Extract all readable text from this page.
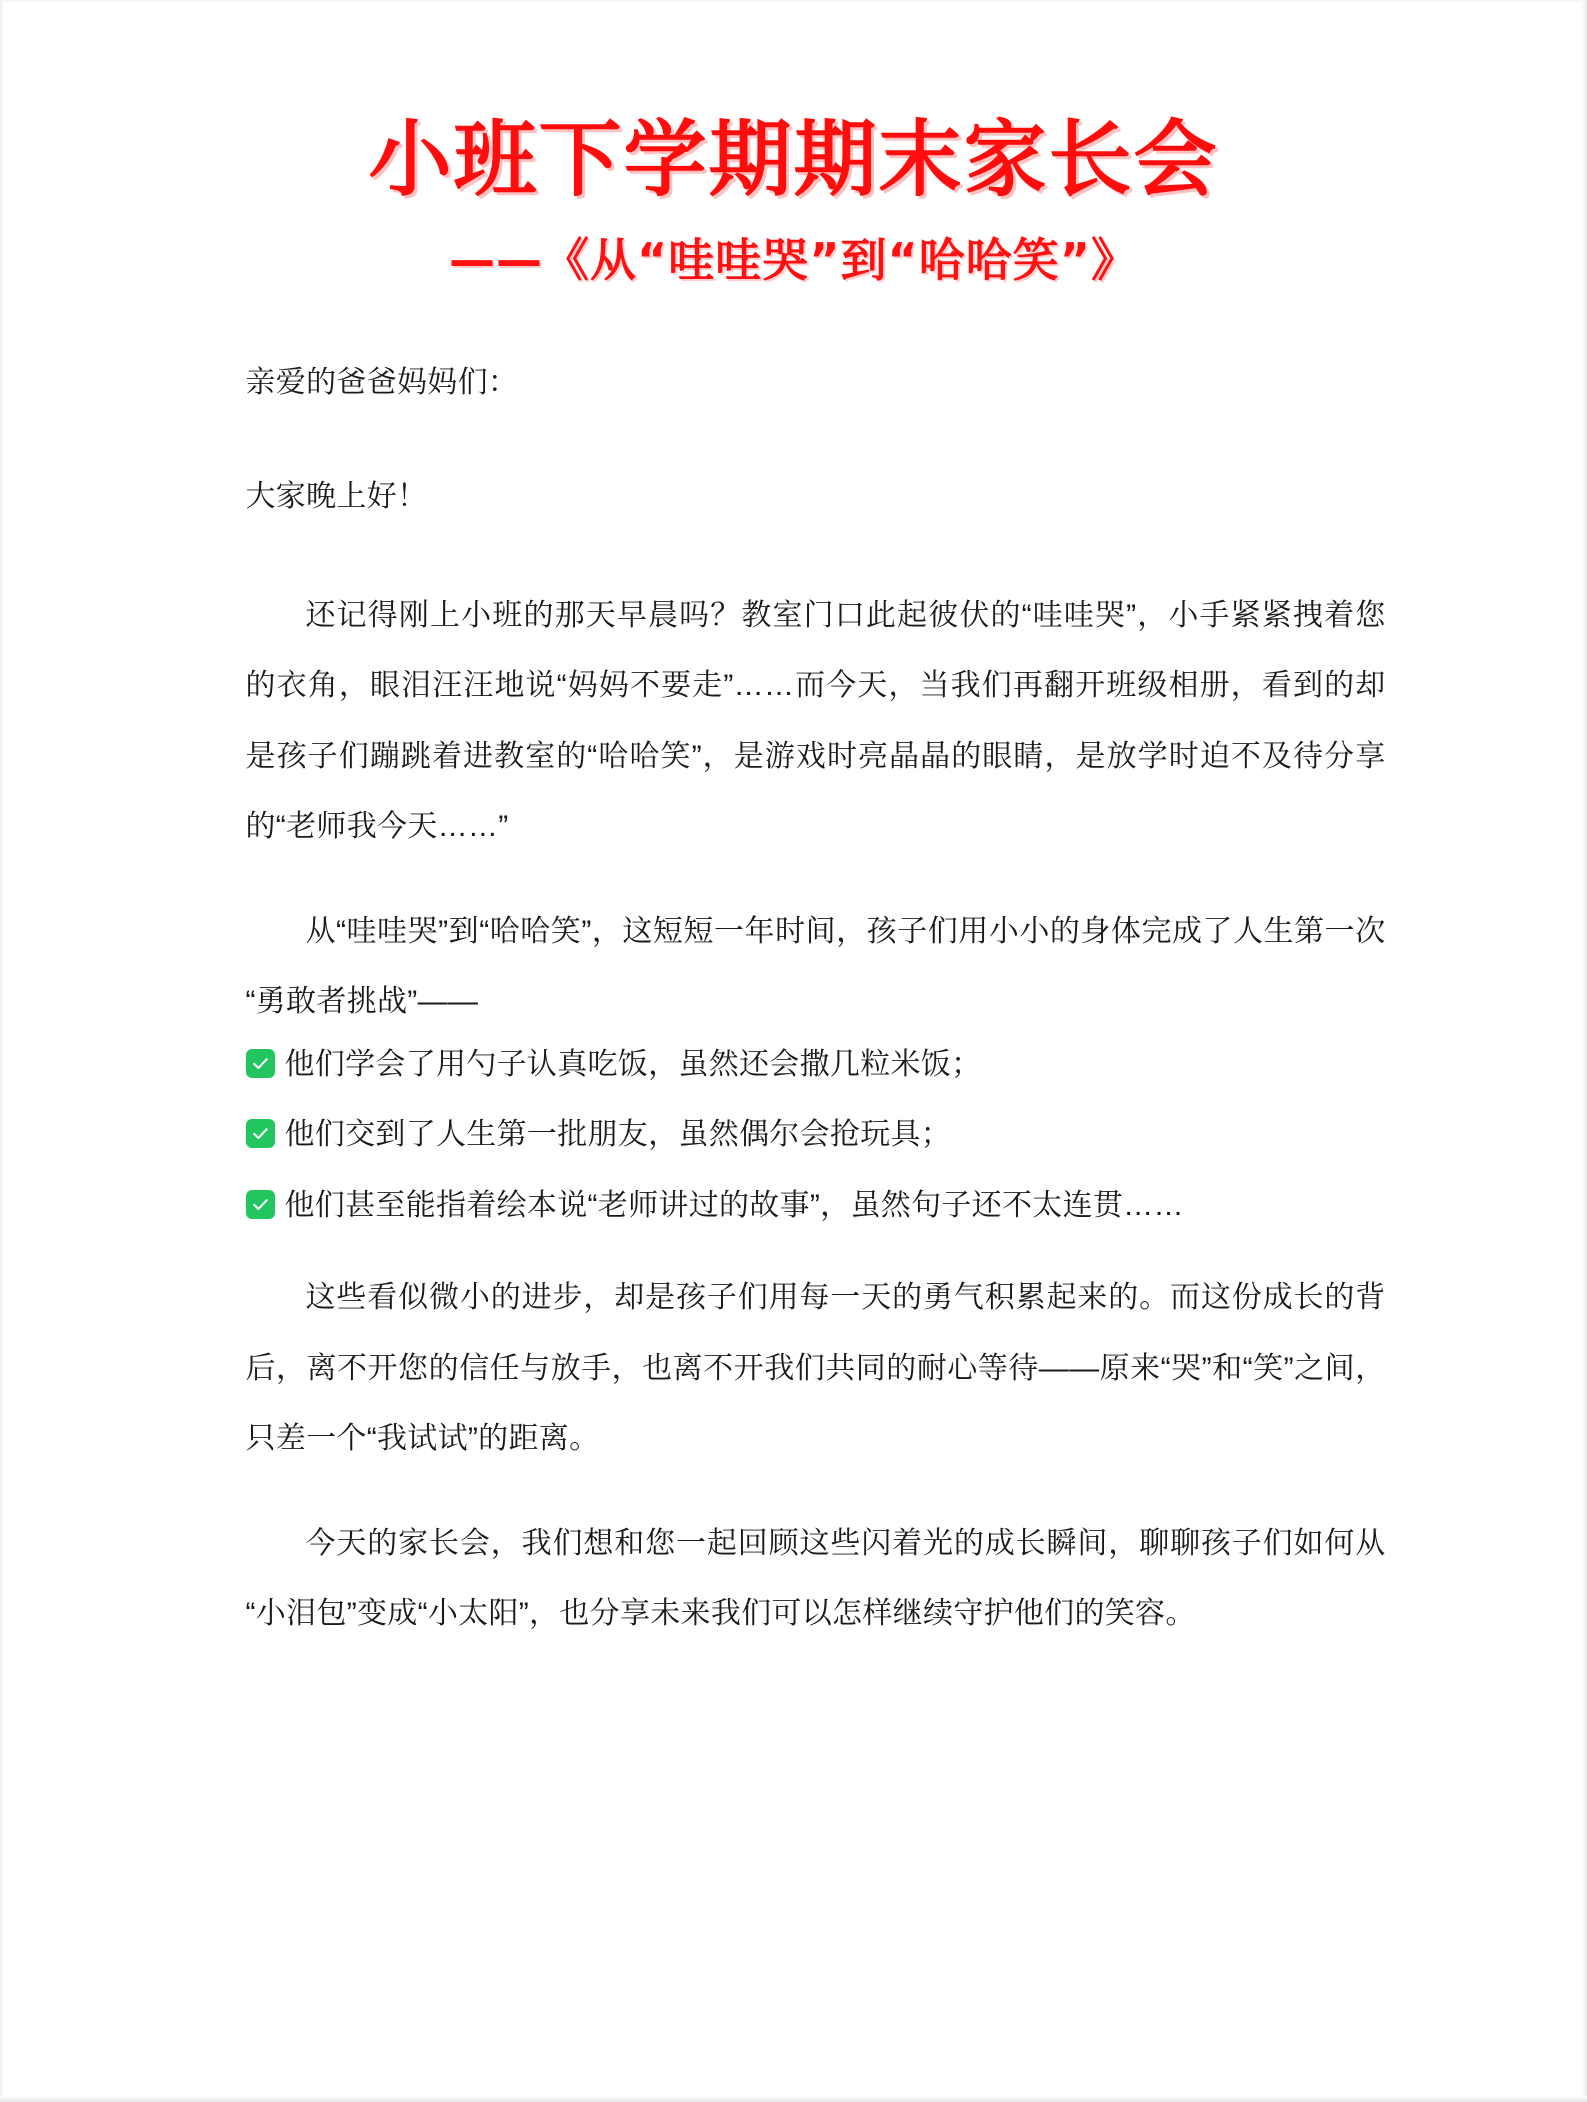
小班下学期期末家长会
——《从“哇哇哭”到“哈哈笑”》

亲爱的爸爸妈妈们：

大家晚上好！

还记得刚上小班的那天早晨吗？教室门口此起彼伏的“哇哇哭”，小手紧紧拽着您的衣角，眼泪汪汪地说“妈妈不要走”……而今天，当我们再翻开班级相册，看到的却是孩子们蹦跳着进教室的“哈哈笑”，是游戏时亮晶晶的眼睛，是放学时迫不及待分享的“老师我今天……”

从“哇哇哭”到“哈哈笑”，这短短一年时间，孩子们用小小的身体完成了人生第一次“勇敢者挑战”——

他们学会了用勺子认真吃饭，虽然还会撒几粒米饭；
他们交到了人生第一批朋友，虽然偶尔会抢玩具；
他们甚至能指着绘本说“老师讲过的故事”，虽然句子还不太连贯……

这些看似微小的进步，却是孩子们用每一天的勇气积累起来的。而这份成长的背后，离不开您的信任与放手，也离不开我们共同的耐心等待——原来“哭”和“笑”之间，只差一个“我试试”的距离。

今天的家长会，我们想和您一起回顾这些闪着光的成长瞬间，聊聊孩子们如何从“小泪包”变成“小太阳”，也分享未来我们可以怎样继续守护他们的笑容。
